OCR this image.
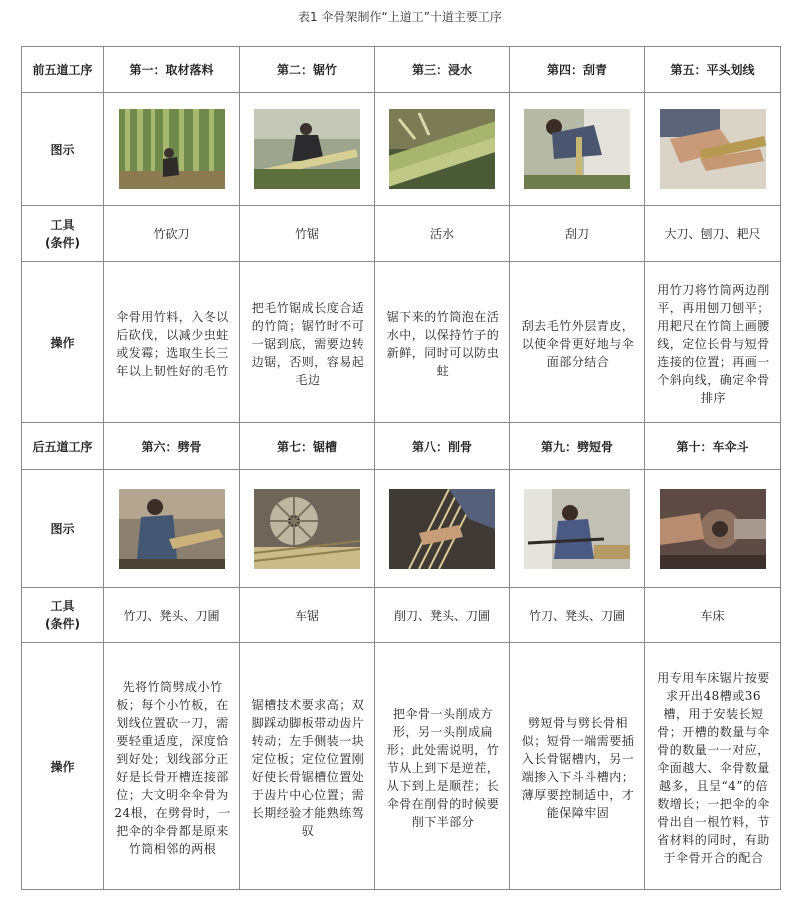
表1 伞骨架制作“上道工”十道主要工序
前五道工序	第一：取材落料	第二：锯竹	第三：浸水	第四：刮青	第五：平头划线
图示	

工具
(条件)	竹砍刀	竹锯	活水	刮刀	大刀、刨刀、耙尺
操作	伞骨用竹料，入冬以后砍伐，以减少虫蛀或发霉；选取生长三年以上韧性好的毛竹	把毛竹锯成长度合适的竹筒；锯竹时不可一锯到底，需要边转边锯，否则，容易起毛边	锯下来的竹筒泡在活水中，以保持竹子的新鲜，同时可以防虫蛀	刮去毛竹外层青皮，以使伞骨更好地与伞面部分结合	用竹刀将竹筒两边削平，再用刨刀刨平；用耙尺在竹筒上画腰线，定位长骨与短骨连接的位置；再画一个斜向线，确定伞骨排序

后五道工序	第六：劈骨	第七：锯槽	第八：削骨	第九：劈短骨	第十：车伞斗
图示	

工具
(条件)	竹刀、凳头、刀圃	车锯	削刀、凳头、刀圃	竹刀、凳头、刀圃	车床
操作	先将竹筒劈成小竹板；每个小竹板，在划线位置砍一刀，需要轻重适度，深度恰到好处；划线部分正好是长骨开槽连接部位；大文明伞伞骨为24根，在劈骨时，一把伞的伞骨都是原来竹筒相邻的两根	锯槽技术要求高；双脚踩动脚板带动齿片转动；左手侧装一块定位板；定位位置刚好使长骨锯槽位置处于齿片中心位置；需长期经验才能熟练驾驭	把伞骨一头削成方形，另一头削成扁形；此处需说明，竹节从上到下是逆茬，从下到上是顺茬；长伞骨在削骨的时候要削下半部分	劈短骨与劈长骨相似；短骨一端需要插入长骨锯槽内，另一端掺入下斗斗槽内；薄厚要控制适中，才能保障牢固	用专用车床锯片按要求开出48槽或36槽，用于安装长短骨；开槽的数量与伞骨的数量一一对应，伞面越大、伞骨数量越多，且呈“4”的倍数增长；一把伞的伞骨出自一根竹料，节省材料的同时，有助于伞骨开合的配合
